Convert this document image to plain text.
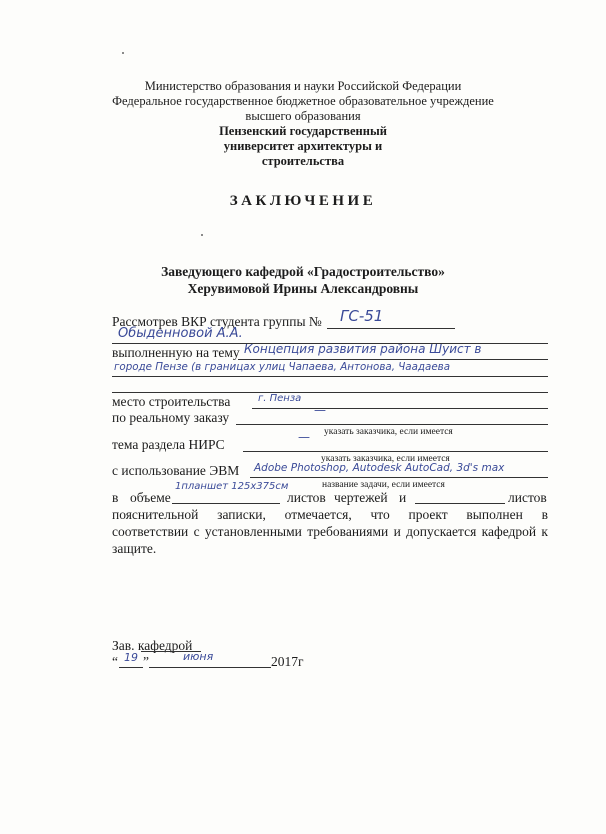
Министерство образования и науки Российской Федерации
Федеральное государственное бюджетное образовательное учреждение
высшего образования
Пензенский государственный
университет архитектуры и
строительства
ЗАКЛЮЧЕНИЕ
Заведующего кафедрой «Градостроительство»
Херувимовой Ирины Александровны
Рассмотрев ВКР студента группы № ГС-51
Обыденновой А.А.
выполненную на тему Концепция развития района Шуист в
городе Пензе (в границах улиц Чапаева, Антонова, Чаадаева
место строительства	г. Пенза
по реальному заказу	—
указать заказчика, если имеется
тема раздела НИРС	—
указать заказчика, если имеется
с использование ЭВМ Adobe Photoshop, Autodesk AutoCad, 3d's max
название задачи, если имеется
1планшет 125х375см
в объеме	листов чертежей и	листов
пояснительной записки, отмечается, что проект выполнен в
соответствии с установленными требованиями и допускается кафедрой к
защите.
Зав. кафедрой
“ 19 ”	июня	2017г
